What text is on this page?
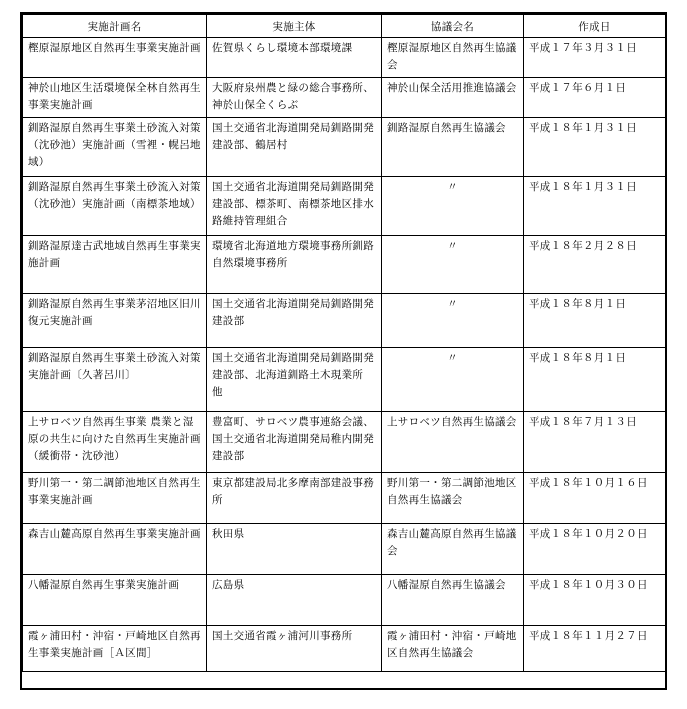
実施計画名	実施主体	協議会名	作成日
樫原湿原地区自然再生事業実施計画	佐賀県くらし環境本部環境課	樫原湿原地区自然再生協議会	平成１７年３月３１日
神於山地区生活環境保全林自然再生事業実施計画	大阪府泉州農と緑の総合事務所、神於山保全くらぶ	神於山保全活用推進協議会	平成１７年６月１日
釧路湿原自然再生事業土砂流入対策（沈砂池）実施計画（雪裡・幌呂地域）	国土交通省北海道開発局釧路開発建設部、鶴居村	釧路湿原自然再生協議会	平成１８年１月３１日
釧路湿原自然再生事業土砂流入対策（沈砂池）実施計画（南標茶地域）	国土交通省北海道開発局釧路開発建設部、標茶町、南標茶地区排水路維持管理組合	〃	平成１８年１月３１日
釧路湿原達古武地域自然再生事業実施計画	環境省北海道地方環境事務所釧路自然環境事務所	〃	平成１８年２月２８日
釧路湿原自然再生事業茅沼地区旧川復元実施計画	国土交通省北海道開発局釧路開発建設部	〃	平成１８年８月１日
釧路湿原自然再生事業土砂流入対策実施計画〔久著呂川〕	国土交通省北海道開発局釧路開発建設部、北海道釧路土木現業所　他	〃	平成１８年８月１日
上サロベツ自然再生事業 農業と湿原の共生に向けた自然再生実施計画（緩衝帯・沈砂池）	豊富町、サロベツ農事連絡会議、国土交通省北海道開発局稚内開発建設部	上サロベツ自然再生協議会	平成１８年７月１３日
野川第一・第二調節池地区自然再生事業実施計画	東京都建設局北多摩南部建設事務所	野川第一・第二調節池地区自然再生協議会	平成１８年１０月１６日
森吉山麓高原自然再生事業実施計画	秋田県	森吉山麓高原自然再生協議会	平成１８年１０月２０日
八幡湿原自然再生事業実施計画	広島県	八幡湿原自然再生協議会	平成１８年１０月３０日
霞ヶ浦田村・沖宿・戸崎地区自然再生事業実施計画［Ａ区間］	国土交通省霞ヶ浦河川事務所	霞ヶ浦田村・沖宿・戸崎地区自然再生協議会	平成１８年１１月２７日
